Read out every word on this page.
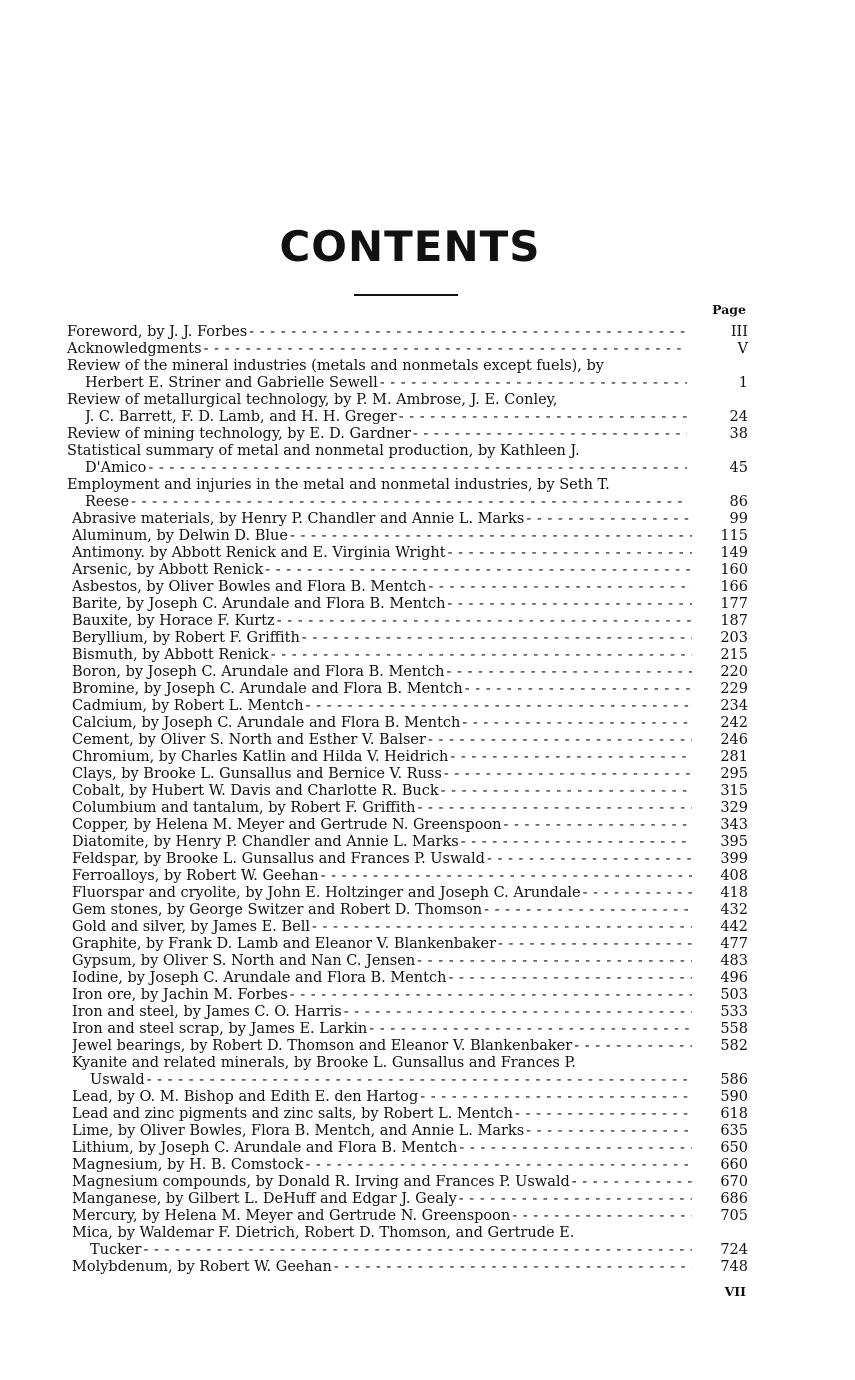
CONTENTS
Page
Foreword, by J. J. Forbes - - -	III
Acknowledgments - - -	V
Review of the mineral industries (metals and nonmetals except fuels), by
Herbert E. Striner and Gabrielle Sewell - - -	1
Review of metallurgical technology, by P. M. Ambrose, J. E. Conley,
J. C. Barrett, F. D. Lamb, and H. H. Greger - - -	24
Review of mining technology, by E. D. Gardner - - -	38
Statistical summary of metal and nonmetal production, by Kathleen J.
D'Amico - - -	45
Employment and injuries in the metal and nonmetal industries, by Seth T.
Reese - - -	86
Abrasive materials, by Henry P. Chandler and Annie L. Marks - - -	99
Aluminum, by Delwin D. Blue - - -	115
Antimony. by Abbott Renick and E. Virginia Wright - - -	149
Arsenic, by Abbott Renick - - -	160
Asbestos, by Oliver Bowles and Flora B. Mentch - - -	166
Barite, by Joseph C. Arundale and Flora B. Mentch - - -	177
Bauxite, by Horace F. Kurtz - - -	187
Beryllium, by Robert F. Griffith - - -	203
Bismuth, by Abbott Renick - - -	215
Boron, by Joseph C. Arundale and Flora B. Mentch - - -	220
Bromine, by Joseph C. Arundale and Flora B. Mentch - - -	229
Cadmium, by Robert L. Mentch - - -	234
Calcium, by Joseph C. Arundale and Flora B. Mentch - - -	242
Cement, by Oliver S. North and Esther V. Balser - - -	246
Chromium, by Charles Katlin and Hilda V. Heidrich - - -	281
Clays, by Brooke L. Gunsallus and Bernice V. Russ - - -	295
Cobalt, by Hubert W. Davis and Charlotte R. Buck - - -	315
Columbium and tantalum, by Robert F. Griffith - - -	329
Copper, by Helena M. Meyer and Gertrude N. Greenspoon - - -	343
Diatomite, by Henry P. Chandler and Annie L. Marks - - -	395
Feldspar, by Brooke L. Gunsallus and Frances P. Uswald - - -	399
Ferroalloys, by Robert W. Geehan - - -	408
Fluorspar and cryolite, by John E. Holtzinger and Joseph C. Arundale - - -	418
Gem stones, by George Switzer and Robert D. Thomson - - -	432
Gold and silver, by James E. Bell - - -	442
Graphite, by Frank D. Lamb and Eleanor V. Blankenbaker - - -	477
Gypsum, by Oliver S. North and Nan C. Jensen - - -	483
Iodine, by Joseph C. Arundale and Flora B. Mentch - - -	496
Iron ore, by Jachin M. Forbes - - -	503
Iron and steel, by James C. O. Harris - - -	533
Iron and steel scrap, by James E. Larkin - - -	558
Jewel bearings, by Robert D. Thomson and Eleanor V. Blankenbaker - - -	582
Kyanite and related minerals, by Brooke L. Gunsallus and Frances P.
Uswald - - -	586
Lead, by O. M. Bishop and Edith E. den Hartog - - -	590
Lead and zinc pigments and zinc salts, by Robert L. Mentch - - -	618
Lime, by Oliver Bowles, Flora B. Mentch, and Annie L. Marks - - -	635
Lithium, by Joseph C. Arundale and Flora B. Mentch - - -	650
Magnesium, by H. B. Comstock - - -	660
Magnesium compounds, by Donald R. Irving and Frances P. Uswald - - -	670
Manganese, by Gilbert L. DeHuff and Edgar J. Gealy - - -	686
Mercury, by Helena M. Meyer and Gertrude N. Greenspoon - - -	705
Mica, by Waldemar F. Dietrich, Robert D. Thomson, and Gertrude E.
Tucker - - -	724
Molybdenum, by Robert W. Geehan - - -	748
VII
